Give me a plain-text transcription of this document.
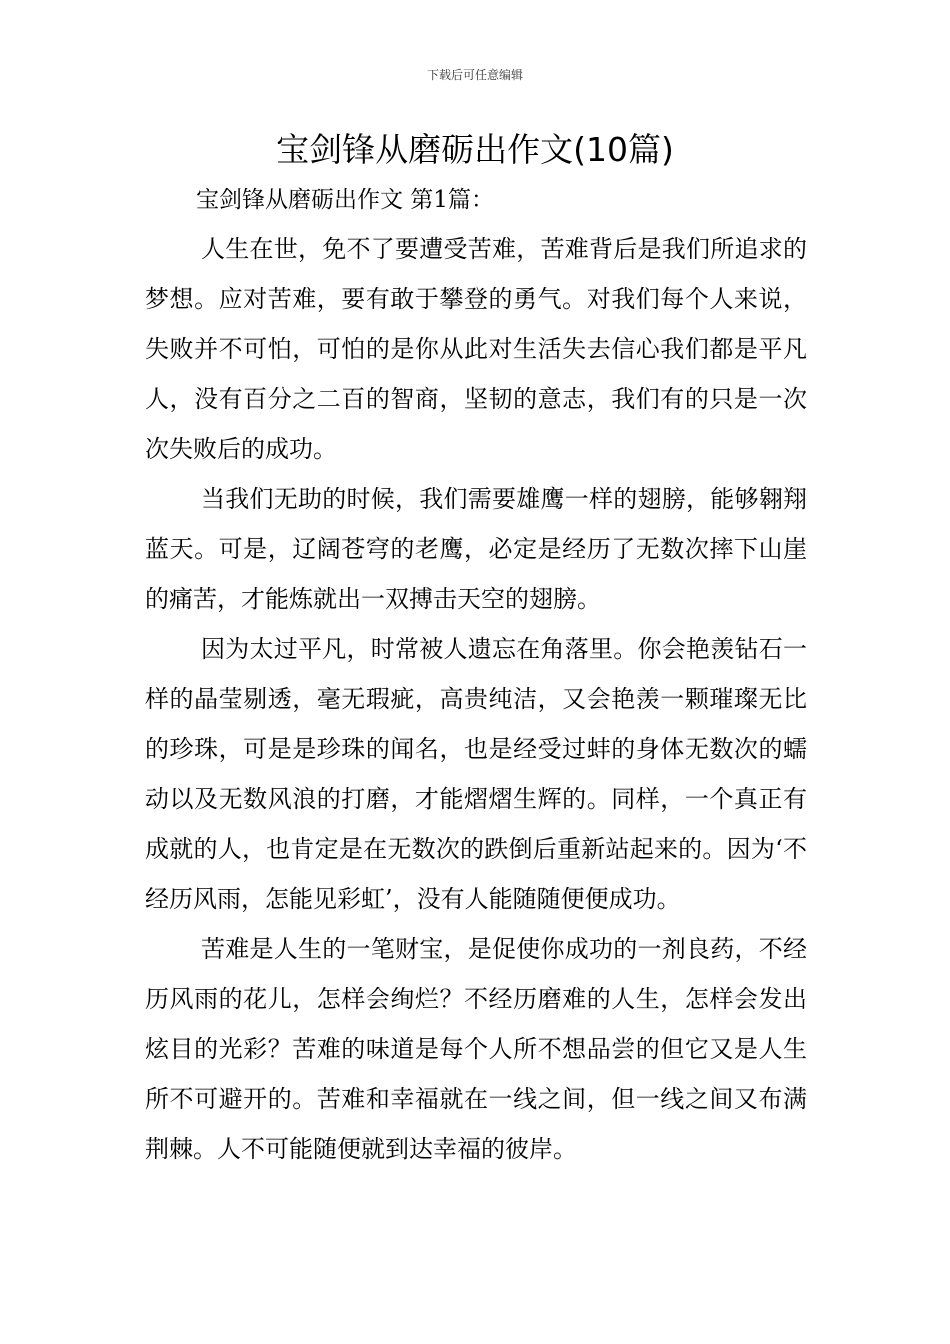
下载后可任意编辑
宝剑锋从磨砺出作文(10篇)
宝剑锋从磨砺出作文 第1篇：

人生在世，免不了要遭受苦难，苦难背后是我们所追求的梦想。应对苦难，要有敢于攀登的勇气。对我们每个人来说，失败并不可怕，可怕的是你从此对生活失去信心我们都是平凡人，没有百分之二百的智商，坚韧的意志，我们有的只是一次次失败后的成功。

当我们无助的时候，我们需要雄鹰一样的翅膀，能够翱翔蓝天。可是，辽阔苍穹的老鹰，必定是经历了无数次摔下山崖的痛苦，才能炼就出一双搏击天空的翅膀。

因为太过平凡，时常被人遗忘在角落里。你会艳羡钻石一样的晶莹剔透，毫无瑕疵，高贵纯洁，又会艳羡一颗璀璨无比的珍珠，可是是珍珠的闻名，也是经受过蚌的身体无数次的蠕动以及无数风浪的打磨，才能熠熠生辉的。同样，一个真正有成就的人，也肯定是在无数次的跌倒后重新站起来的。因为‘不经历风雨，怎能见彩虹’，没有人能随随便便成功。

苦难是人生的一笔财宝，是促使你成功的一剂良药，不经历风雨的花儿，怎样会绚烂？不经历磨难的人生，怎样会发出炫目的光彩？苦难的味道是每个人所不想品尝的但它又是人生所不可避开的。苦难和幸福就在一线之间，但一线之间又布满荆棘。人不可能随便就到达幸福的彼岸。
